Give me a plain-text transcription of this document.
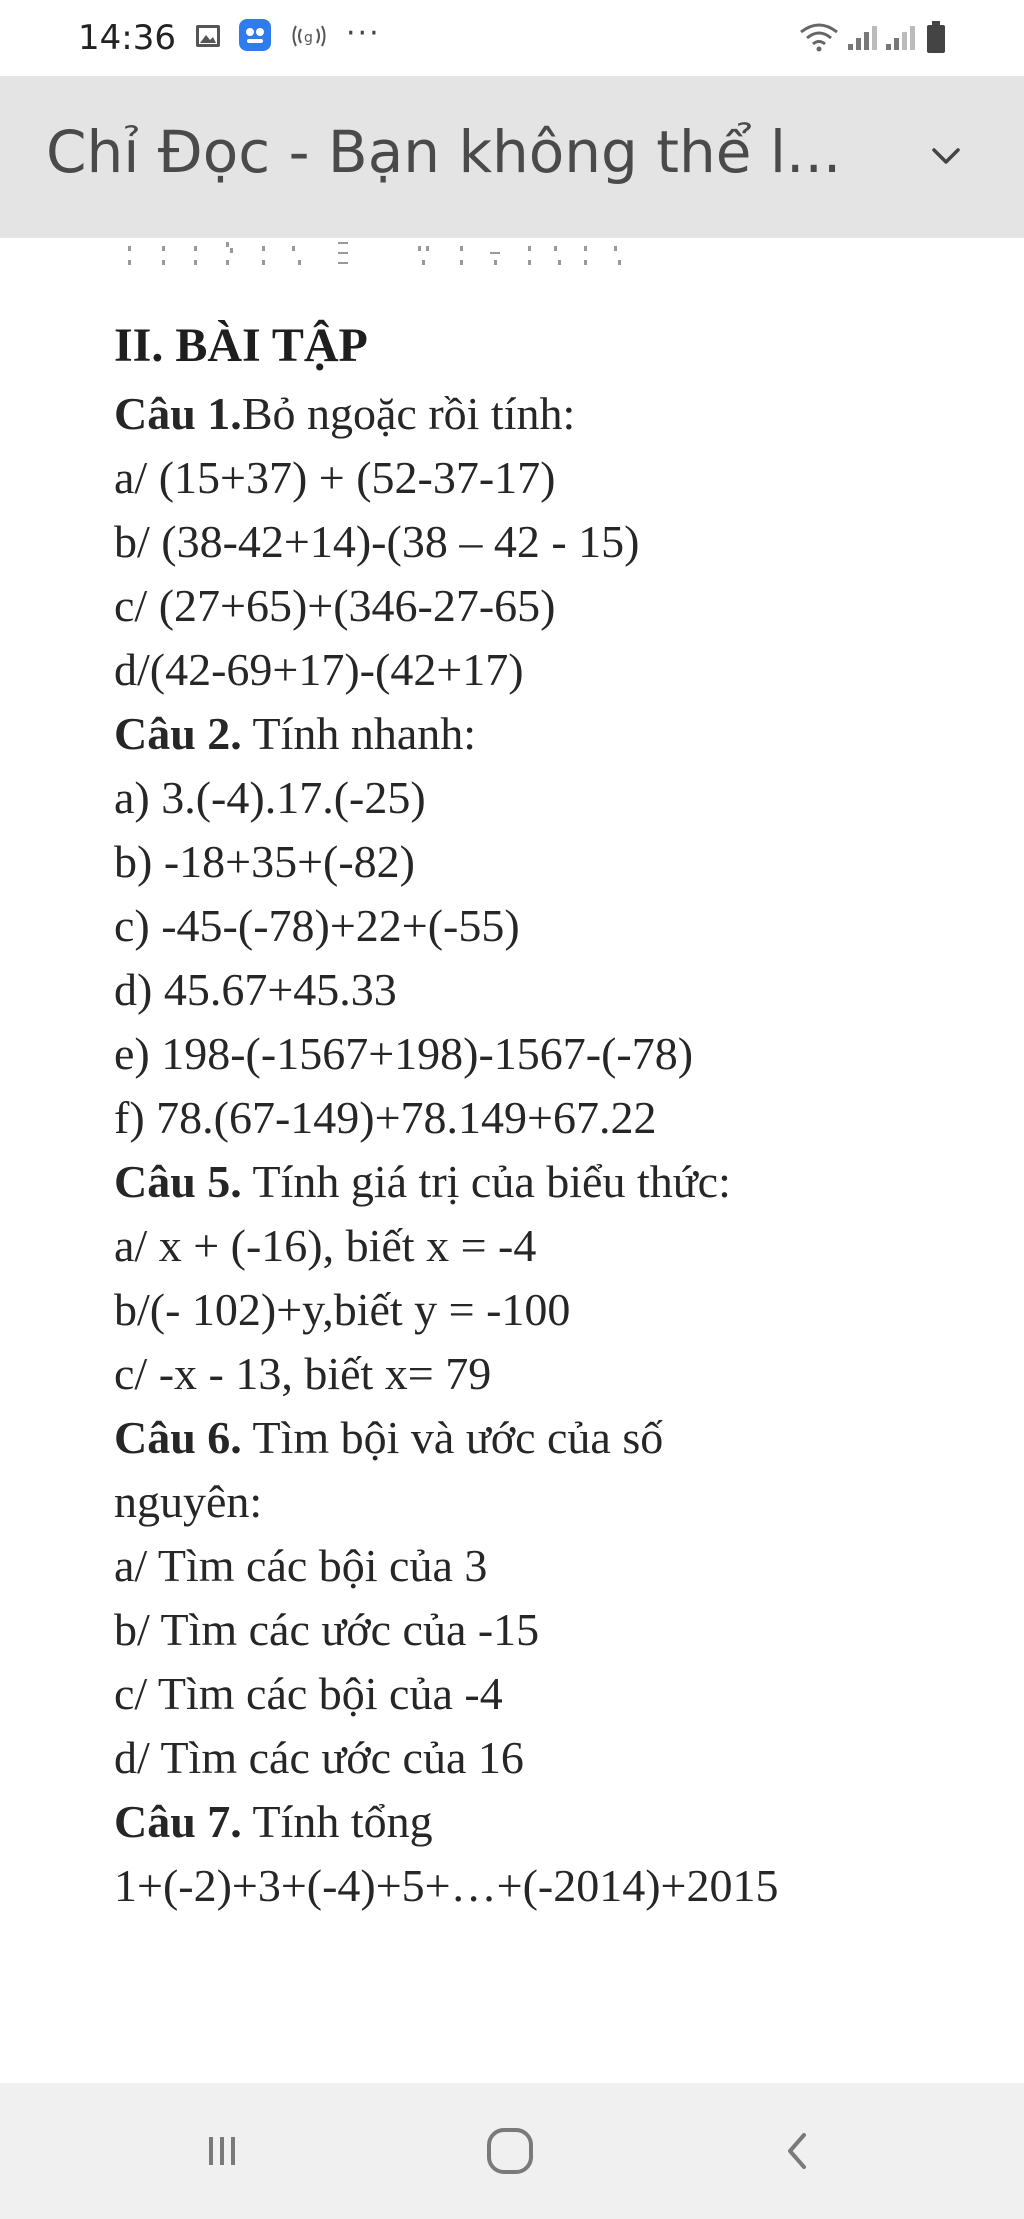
14:36	g ···
Chỉ Đọc - Bạn không thể l...
II. BÀI TẬP
Câu 1.Bỏ ngoặc rồi tính:
a/ (15+37) + (52-37-17)
b/ (38-42+14)-(38 – 42 - 15)
c/ (27+65)+(346-27-65)
d/(42-69+17)-(42+17)
Câu 2. Tính nhanh:
a) 3.(-4).17.(-25)
b) -18+35+(-82)
c) -45-(-78)+22+(-55)
d) 45.67+45.33
e) 198-(-1567+198)-1567-(-78)
f) 78.(67-149)+78.149+67.22
Câu 5. Tính giá trị của biểu thức:
a/ x + (-16), biết x = -4
b/(- 102)+y,biết y = -100
c/ -x - 13, biết x= 79
Câu 6. Tìm bội và ước của số
nguyên:
a/ Tìm các bội của 3
b/ Tìm các ước của -15
c/ Tìm các bội của -4
d/ Tìm các ước của 16
Câu 7. Tính tổng
1+(-2)+3+(-4)+5+…+(-2014)+2015
